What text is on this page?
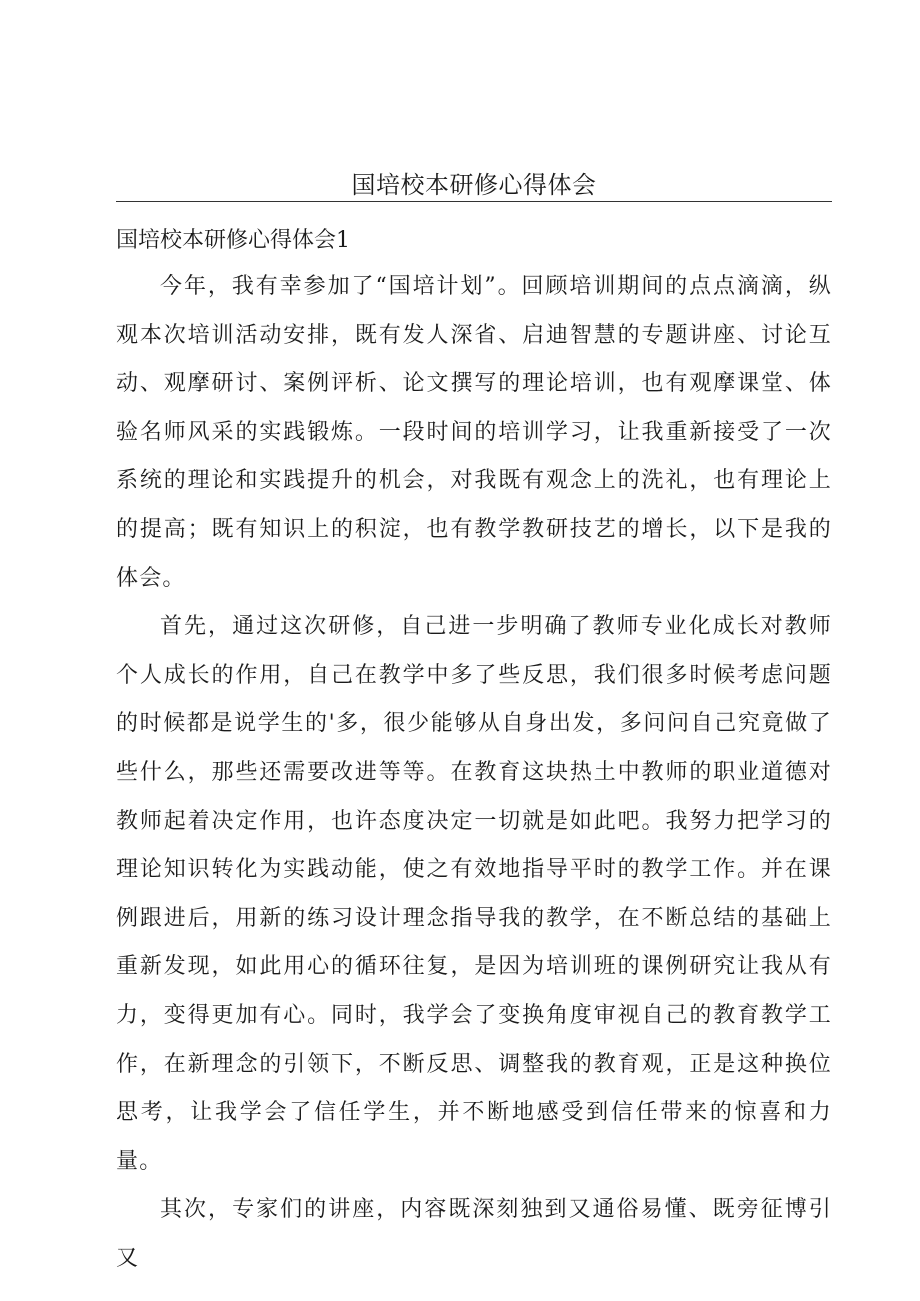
国培校本研修心得体会
国培校本研修心得体会1

今年，我有幸参加了“国培计划”。回顾培训期间的点点滴滴，纵观本次培训活动安排，既有发人深省、启迪智慧的专题讲座、讨论互动、观摩研讨、案例评析、论文撰写的理论培训，也有观摩课堂、体验名师风采的实践锻炼。一段时间的培训学习，让我重新接受了一次系统的理论和实践提升的机会，对我既有观念上的洗礼，也有理论上的提高；既有知识上的积淀，也有教学教研技艺的增长，以下是我的体会。

首先，通过这次研修，自己进一步明确了教师专业化成长对教师个人成长的作用，自己在教学中多了些反思，我们很多时候考虑问题的时候都是说学生的'多，很少能够从自身出发，多问问自己究竟做了些什么，那些还需要改进等等。在教育这块热土中教师的职业道德对教师起着决定作用，也许态度决定一切就是如此吧。我努力把学习的理论知识转化为实践动能，使之有效地指导平时的教学工作。并在课例跟进后，用新的练习设计理念指导我的教学，在不断总结的基础上重新发现，如此用心的循环往复，是因为培训班的课例研究让我从有力，变得更加有心。同时，我学会了变换角度审视自己的教育教学工作，在新理念的引领下，不断反思、调整我的教育观，正是这种换位思考，让我学会了信任学生，并不断地感受到信任带来的惊喜和力量。

其次，专家们的讲座，内容既深刻独到又通俗易懂、既旁征博引又
